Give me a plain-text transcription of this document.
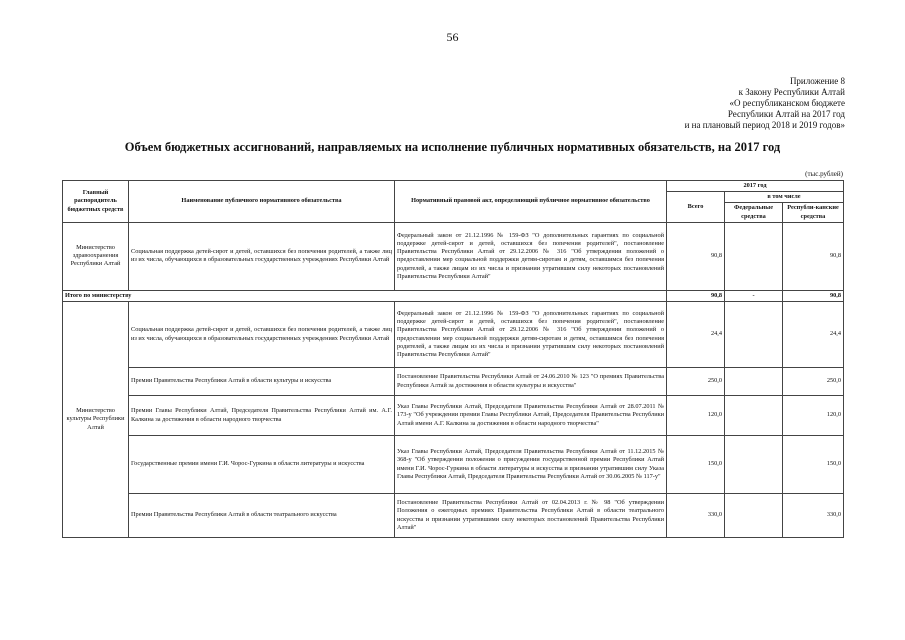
56
Приложение 8
к Закону Республики Алтай
«О республиканском бюджете
Республики Алтай на 2017 год
и на плановый период 2018 и 2019 годов»
Объем бюджетных ассигнований, направляемых на исполнение публичных нормативных обязательств, на 2017 год
(тыс.рублей)
Главный распорядитель бюджетных средств	Наименование публичного нормативного обязательства	Нормативный правовой акт, определяющий публичное нормативное обязательство	2017 год		
			Всего	в том числе	
				Федеральные средства	Республи-канские средства
Министерство здравоохранения Республики Алтай	Социальная поддержка детей-сирот и детей, оставшихся без попечения родителей, а также лиц из их числа, обучающихся в образовательных государственных учреждениях Республики Алтай	Федеральный закон от 21.12.1996 № 159-ФЗ "О дополнительных гарантиях по социальной поддержке детей-сирот и детей, оставшихся без попечения родителей", постановление Правительства Республики Алтай от 29.12.2006 № 316 "Об утверждении положений о предоставлении мер социальной поддержки детям-сиротам и детям, оставшимся без попечения родителей, а также лицам из их числа и признании утратившим силу некоторых постановлений Правительства Республики Алтай"	90,8		90,8
Итого по министерству			90,8	-	90,8
Министерство культуры Республики Алтай	Социальная поддержка детей-сирот и детей, оставшихся без попечения родителей, а также лиц из их числа, обучающихся в образовательных государственных учреждениях Республики Алтай	Федеральный закон от 21.12.1996 № 159-ФЗ "О дополнительных гарантиях по социальной поддержке детей-сирот и детей, оставшихся без попечения родителей", постановление Правительства Республики Алтай от 29.12.2006 № 316 "Об утверждении положений о предоставлении мер социальной поддержки детям-сиротам и детям, оставшимся без попечения родителей, а также лицам из их числа и признании утратившим силу некоторых постановлений Правительства Республики Алтай"	24,4		24,4
	Премии Правительства Республики Алтай в области культуры и искусства	Постановление Правительства Республики Алтай от 24.06.2010 № 123 "О премиях Правительства Республики Алтай за достижения в области культуры и искусства"	250,0		250,0
	Премии Главы Республики Алтай, Председателя Правительства Республики Алтай им. А.Г. Калкина за достижения в области народного творчества	Указ Главы Республики Алтай, Председателя Правительства Республики Алтай от 28.07.2011 № 173-у "Об учреждении премии Главы Республики Алтай, Председателя Правительства Республики Алтай имени А.Г. Калкина за достижения в области народного творчества"	120,0		120,0
	Государственные премии имени Г.И. Чорос-Гуркина в области литературы и искусства	Указ Главы Республики Алтай, Председателя Правительства Республики Алтай от 11.12.2015 № 368-у "Об утверждении положения о присуждении государственной премии Республики Алтай имени Г.И. Чорос-Гуркина в области литературы и искусства и признании утратившим силу Указа Главы Республики Алтай, Председателя Правительства Республики Алтай от 30.06.2005 № 117-у"	150,0		150,0
	Премии Правительства Республики Алтай в области театрального искусства	Постановление Правительства Республики Алтай от 02.04.2013 г. № 98 "Об утверждении Положения о ежегодных премиях Правительства Республики Алтай в области театрального искусства и признании утратившими силу некоторых постановлений Правительства Республики Алтай"	330,0		330,0
